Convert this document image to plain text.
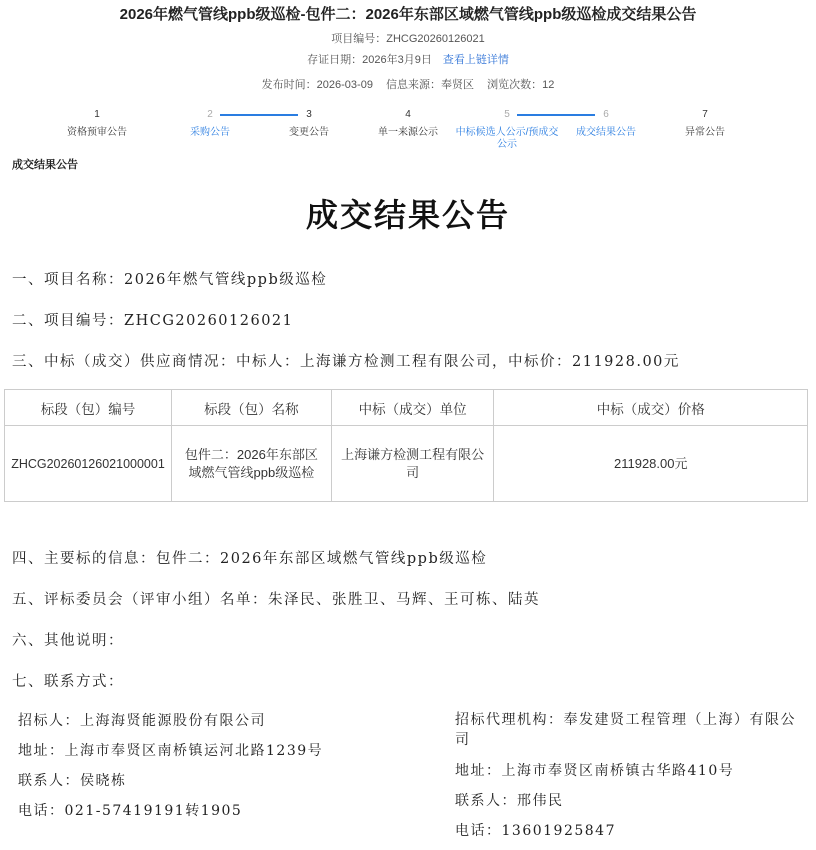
2026年燃气管线ppb级巡检-包件二：2026年东部区域燃气管线ppb级巡检成交结果公告
项目编号：ZHCG20260126021
存证日期：2026年3月9日 查看上链详情
发布时间：2026-03-09 信息来源：奉贤区 浏览次数：12
1
资格预审公告
2
采购公告
3
变更公告
4
单一来源公示
5
中标候选人公示/预成交公示
6
成交结果公告
7
异常公告
成交结果公告
成交结果公告
一、项目名称：2026年燃气管线ppb级巡检
二、项目编号：ZHCG20260126021
三、中标（成交）供应商情况：中标人：上海谦方检测工程有限公司，中标价：211928.00元
标段（包）编号	标段（包）名称	中标（成交）单位	中标（成交）价格
ZHCG20260126021000001	包件二：2026年东部区域燃气管线ppb级巡检	上海谦方检测工程有限公司	211928.00元
四、主要标的信息：包件二：2026年东部区域燃气管线ppb级巡检
五、评标委员会（评审小组）名单：朱泽民、张胜卫、马辉、王可栋、陆英
六、其他说明：
七、联系方式：
招标人：上海海贤能源股份有限公司
地址：上海市奉贤区南桥镇运河北路1239号
联系人：侯晓栋
电话：021-57419191转1905
招标代理机构：奉发建贤工程管理（上海）有限公司
地址：上海市奉贤区南桥镇古华路410号
联系人：邢伟民
电话：13601925847
